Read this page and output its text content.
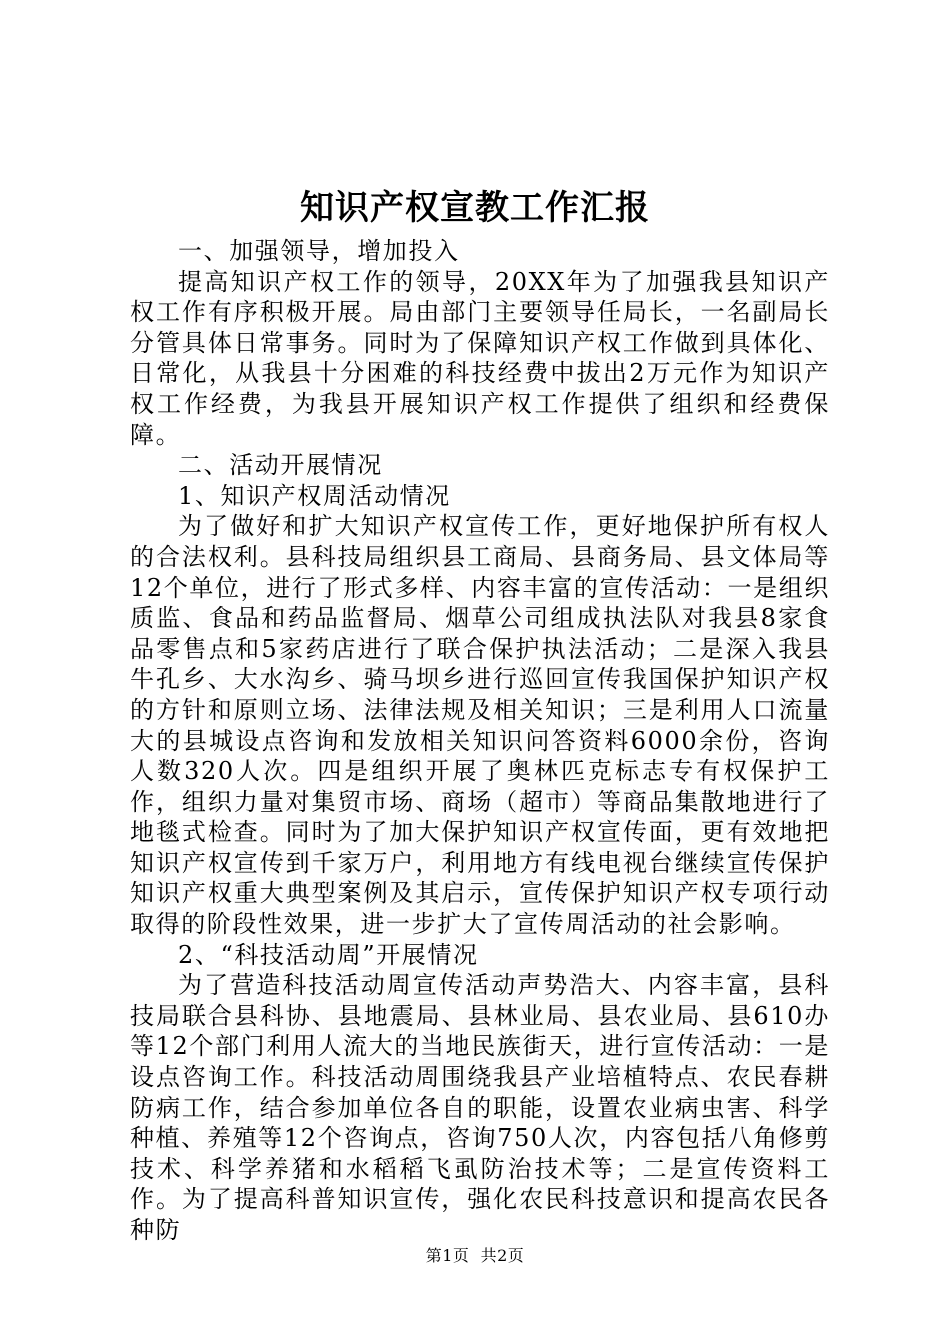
知识产权宣教工作汇报

一、加强领导，增加投入

提高知识产权工作的领导，20XX年为了加强我县知识产权工作有序积极开展。局由部门主要领导任局长，一名副局长分管具体日常事务。同时为了保障知识产权工作做到具体化、日常化，从我县十分困难的科技经费中拔出2万元作为知识产权工作经费，为我县开展知识产权工作提供了组织和经费保障。

二、活动开展情况

1、知识产权周活动情况

为了做好和扩大知识产权宣传工作，更好地保护所有权人的合法权利。县科技局组织县工商局、县商务局、县文体局等12个单位，进行了形式多样、内容丰富的宣传活动：一是组织质监、食品和药品监督局、烟草公司组成执法队对我县8家食品零售点和5家药店进行了联合保护执法活动；二是深入我县牛孔乡、大水沟乡、骑马坝乡进行巡回宣传我国保护知识产权的方针和原则立场、法律法规及相关知识；三是利用人口流量大的县城设点咨询和发放相关知识问答资料6000余份，咨询人数320人次。四是组织开展了奥林匹克标志专有权保护工作，组织力量对集贸市场、商场（超市）等商品集散地进行了地毯式检查。同时为了加大保护知识产权宣传面，更有效地把知识产权宣传到千家万户，利用地方有线电视台继续宣传保护知识产权重大典型案例及其启示，宣传保护知识产权专项行动取得的阶段性效果，进一步扩大了宣传周活动的社会影响。

2、“科技活动周”开展情况

为了营造科技活动周宣传活动声势浩大、内容丰富，县科技局联合县科协、县地震局、县林业局、县农业局、县610办等12个部门利用人流大的当地民族街天，进行宣传活动：一是设点咨询工作。科技活动周围绕我县产业培植特点、农民春耕防病工作，结合参加单位各自的职能，设置农业病虫害、科学种植、养殖等12个咨询点，咨询750人次，内容包括八角修剪技术、科学养猪和水稻稻飞虱防治技术等；二是宣传资料工作。为了提高科普知识宣传，强化农民科技意识和提高农民各种防

第1页 共2页
